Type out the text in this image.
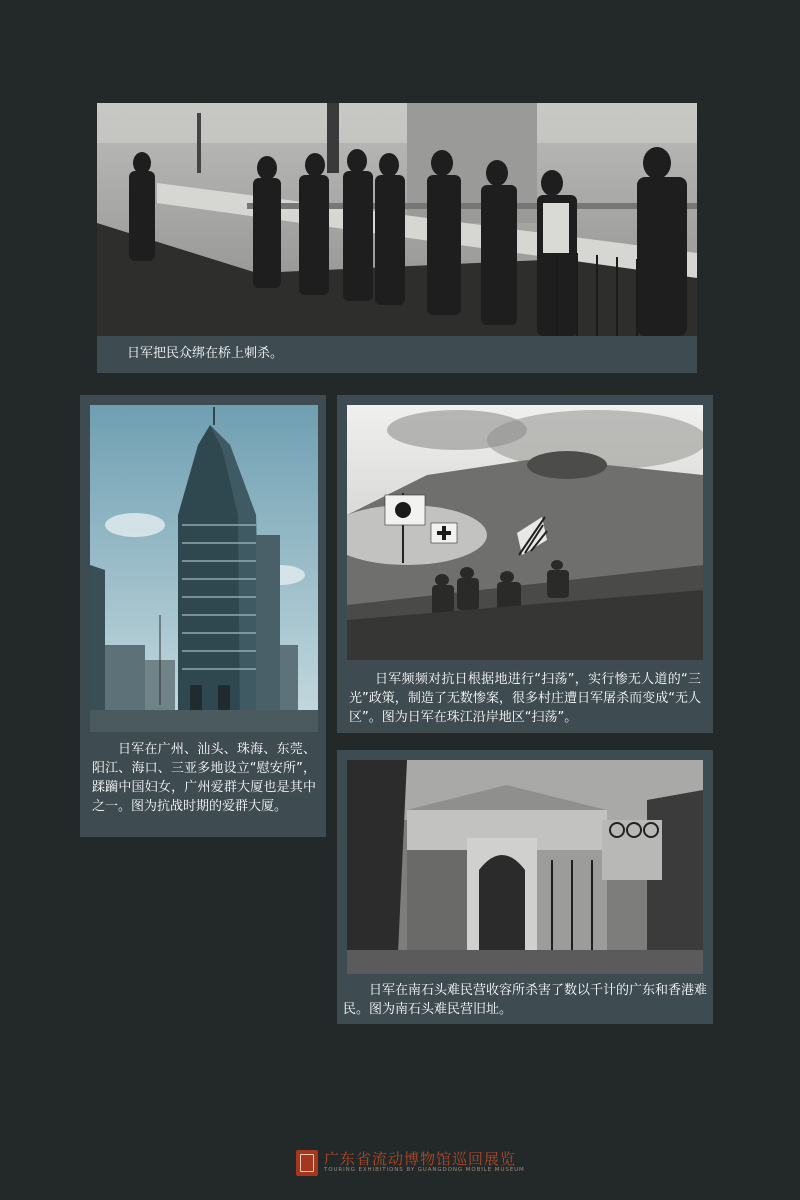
日军把民众绑在桥上刺杀。
日军在广州、汕头、珠海、东莞、阳江、海口、三亚多地设立“慰安所”，蹂躏中国妇女，广州爱群大厦也是其中之一。图为抗战时期的爱群大厦。
日军频频对抗日根据地进行“扫荡”，实行惨无人道的“三光”政策，制造了无数惨案，很多村庄遭日军屠杀而变成“无人区”。图为日军在珠江沿岸地区“扫荡”。
日军在南石头难民营收容所杀害了数以千计的广东和香港难民。图为南石头难民营旧址。
广东省流动博物馆巡回展览
TOURING EXHIBITIONS BY GUANGDONG MOBILE MUSEUM
